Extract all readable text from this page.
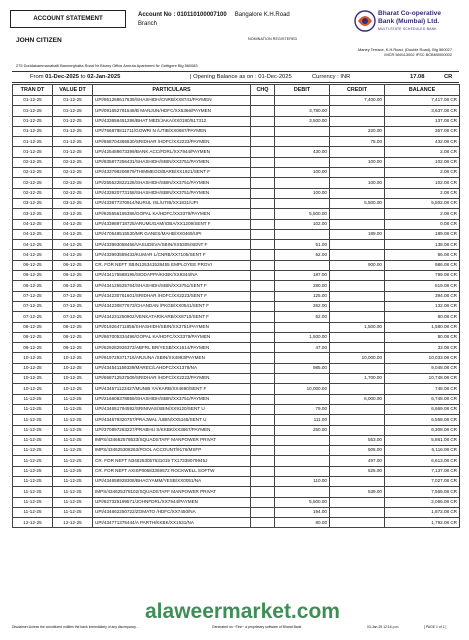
ACCOUNT STATEMENT	Account No : 010110100007100 Bangalore K.H.Road
Branch
NOMINATION REGISTERED
Bharat Co-operative
Bank (Mumbai) Ltd.
MULTI-STATE SCHEDULED BANK
JOHN CITIZEN
Maney Terrace, K.H.Road, (Double Road), Blg 560027
MICR 560113002 IFSC BCBM0000002
275 Doddakammanahalli Bannerghatta Road Nr Bionry Office Amruta Apartment Nr Gottigere Blg 560083
From 01-Dec-2025 to 02-Jan-2025	| Opening Balance as on : 01-Dec-2025	Currency : INR	17.08	CR
TRAN DT	VALUE DT	PARTICULARS	CHQ	DEBIT	CREDIT	BALANCE
01-12-25	01-12-25	UPI/951268617639/SHASHIDH/CNRB/XX8741/PAYMEN			7,400.00	7,417.08 CR
01-12-25	01-12-25	UPI/091652791548/B MANJUN/HDFC/XX5366/PAYMEN		3,780.00		3,637.08 CR
01-12-25	01-12-25	UPI/433656451286/BHAT MED/JAKA/XX0180/517312		3,500.00		137.08 CR
01-12-25	01-12-25	UPI/766878811711/GOWRI N /UTIB/XX0687/PAYMEN			220.00	357.08 CR
01-12-25	01-12-25	UPI/558704365530/SRIDHAR /HDFC/XX2223/PAYMEN			75.00	432.08 CR
01-12-25	01-12-25	UPI/425489673399/BANK ACC/FDRL/XX7944/PAYMEN		430.00		2.08 CR
02-12-25	02-12-25	UPI/935877256431/SHASHIDH/SBIN/XX3751/PAYMEN			100.00	102.08 CR
02-12-25	02-12-25	UPI/433798206879/THIMMEGO/BARB/XX1921/SENT F		100.00		2.08 CR
02-12-25	02-12-25	UPI/255522822128/SHASHIDH/SBIN/XX3751/PAYMEN			100.00	102.08 CR
02-12-25	02-12-25	UPI/433920773158/SHASHIDH/SBIN/XX3751/PAYMEN		100.00		2.08 CR
03-12-25	03-12-25	UPI/433877370914/NURUL ISL/UTIB/XX1831/UPI			5,500.00	5,502.08 CR
03-12-25	03-12-25	UPI/825556195386/GOPAL KA/HDFC/XX3379/PAYMEN		5,500.00		2.08 CR
04-12-25	04-12-25	UPI/433989718725/ARUMUGAM/IOBA/XX1209/SENT F		102.00		0.08 CR
04-12-25	04-12-25	UPI/470548515530/MR GANES/MAHB/XX0469/UPI			189.00	189.08 CR
04-12-25	04-12-25	UPI/433993058456/VASUDEVA/SBIN/XX5305/SENT F		51.00		138.08 CR
04-12-25	04-12-25	UPI/433993589433/KUMAR L/CNRB/XX7105/SENT F		52.00		86.08 CR
06-12-25	06-12-25	CR. FOR NEFT SBIN125341528455 EMPLOYEE PROVI			900.00	986.08 CR
06-12-25	06-12-25	UPI/434175588195/SIDDAPPA/KKBK/XX9344/NA		187.00		799.08 CR
06-12-25	06-12-25	UPI/434125525764/SHASHIDH/SBIN/XX3751/SENT F		280.00		519.08 CR
07-12-25	07-12-25	UPI/434230761601/SRIDHAR /HDFC/XX2223/SENT F		125.00		394.08 CR
07-12-25	07-12-25	UPI/434230877673/CHANDAN /PKGB/XX0541/SENT F		262.00		132.08 CR
07-12-25	07-12-25	UPI/434231250902/VENKATAR/KARB/XX8710/SENT F		52.00		80.08 CR
08-12-25	08-12-25	UPI/019264711855/SHASHIDH/SBIN/XX3751/PAYMEN			1,500.00	1,580.08 CR
08-12-25	08-12-25	UPI/867005334496/GOPAL KA/HDFC/XX3379/PAYMEN		1,500.00		80.08 CR
08-12-25	08-12-25	UPI/629282926372/ABFRL BR/YESB/XX1614/PAYMEN		47.00		33.08 CR
10-12-25	10-12-25	UPI/919729371716/ARJUNA /SBIN/XX4993/PAYMEN			10,000.00	10,033.08 CR
10-12-25	10-12-25	UPI/434541159339/MAREC/LAHDFC/XX1378/NA		985.00		9,048.08 CR
10-12-25	10-12-25	UPI/668712537509/SRIDHAR /HDFC/XX2223/PAYMEN			1,700.00	10,748.08 CR
10-12-25	10-12-25	UPI/434571123427/MUNIB YA/KARB/XX4690/SENT F		10,000.00		748.08 CR
11-12-25	11-12-25	UPI/216608378859/SHASHIDH/SBIN/XX3751/PAYMEN			6,000.00	6,748.08 CR
11-12-25	11-12-25	UPI/434651794592/SRINIVAS/SBIN/XX9120/SENT U		79.00		6,669.08 CR
11-12-25	11-12-25	UPI/434679320757/PRAJWAL /UBIN/XX5145/SENT U		111.00		6,558.08 CR
11-12-25	11-12-25	UPI/370897263227/PRABHU S/KKBK/XX3867/PAYMEN		250.00		6,308.08 CR
11-12-25	11-12-25	IMPS/434662578533/SQUADSTAFF MANPOWER PRIVAT			553.00	5,861.08 CR
11-12-25	11-12-25	IMPS/434625308263/POOL ACCOUNT/9176/MSFP			505.00	6,116.08 CR
11-12-25	11-12-25	CR. FOR NEFT N346253057631019 TX17339079945J			497.00	6,613.08 CR
11-12-25	11-12-25	CR. FOR NEFT AXISP00583369572 ROCKWELL SOFTW			525.00	7,137.08 CR
11-12-25	11-12-25	UPI/434658928308/BHAGYAMM/YESB/XX0051/NA		110.00		7,027.08 CR
11-12-25	11-12-25	IMPS/434625378102/SQUADSTAFF MANPOWER PRIVAT			539.00	7,566.08 CR
11-12-25	11-12-25	UPI/827325199571/JOHNFDRL/XX7944/PAYMEN		5,500.00		2,066.08 CR
11-12-25	11-12-25	UPI/434662250722/ZOMATO /HDFC/XX7450/NA		194.00		1,872.08 CR
12-12-25	12-12-25	UPI/434771375444/A PARTH/KKBK/XX1531/NA		80.00		1,792.08 CR
Disclaimer:Unless the constituent notifies the bank immediately of any discrepancy...	Generated on ~Finn~ a proprietary software of Bharat Bank	03-Jan-25 12:16 p.m.	[ PAGE 1 of 1 ]
alaweermarket.com
